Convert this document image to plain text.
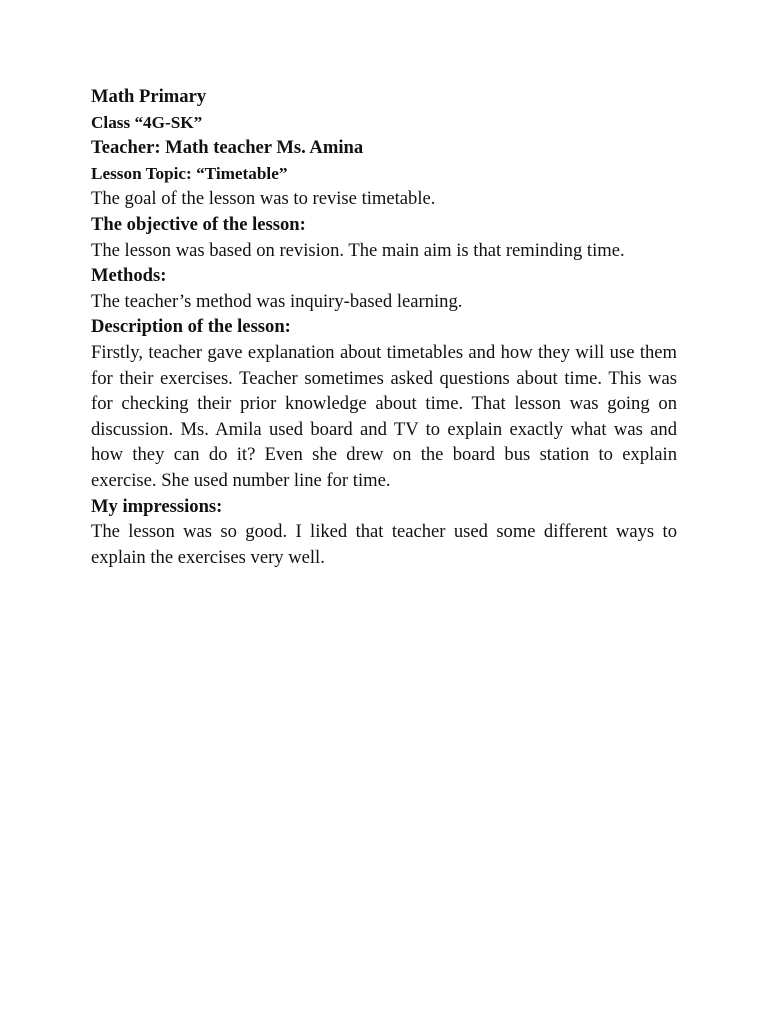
Math Primary

Class “4G-SK”

Teacher: Math teacher Ms. Amina

Lesson Topic: “Timetable”

The goal of the lesson was to revise timetable.

The objective of the lesson:

The lesson was based on revision. The main aim is that reminding time.

Methods:

The teacher’s method was inquiry-based learning.

Description of the lesson:

Firstly, teacher gave explanation about timetables and how they will use them for their exercises. Teacher sometimes asked questions about time. This was for checking their prior knowledge about time. That lesson was going on discussion. Ms. Amila used board and TV to explain exactly what was and how they can do it? Even she drew on the board bus station to explain exercise. She used number line for time.

My impressions:

The lesson was so good. I liked that teacher used some different ways to explain the exercises very well.
